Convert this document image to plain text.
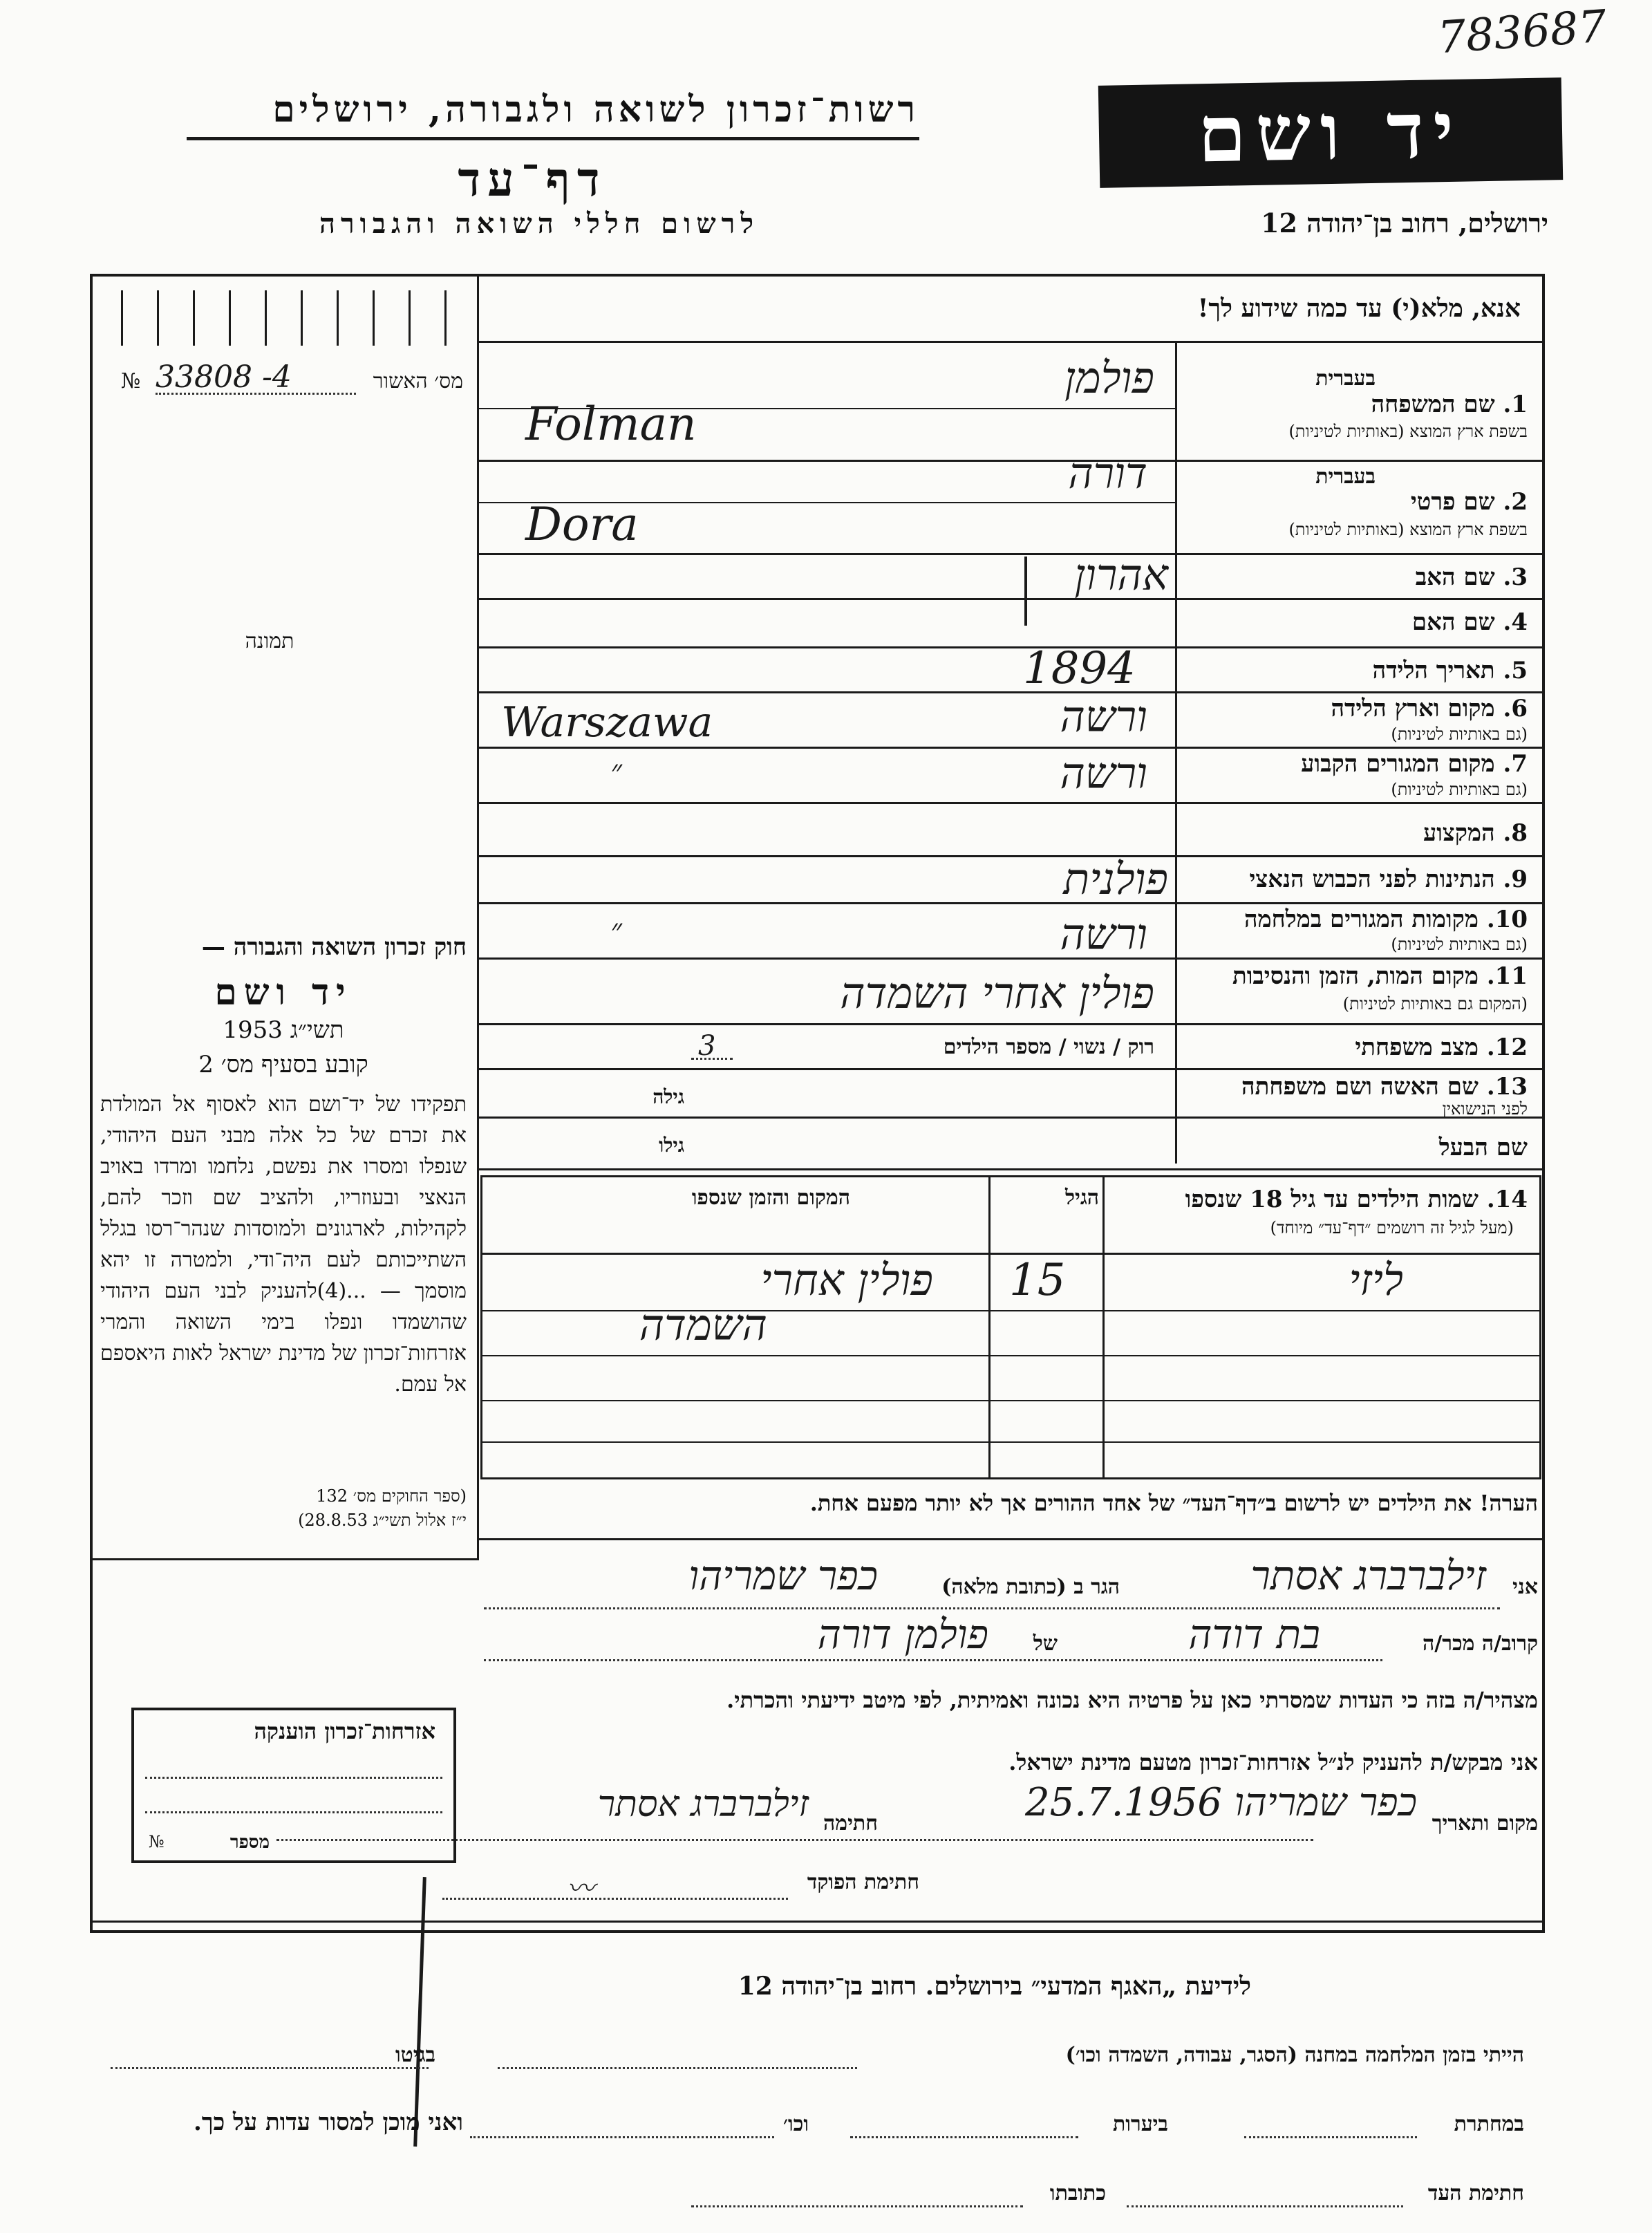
783687
רשות־זכרון לשואה ולגבורה, ירושלים
דף־עד
לרשום חללי השואה והגבורה
יד ושם
ירושלים, רחוב בן־יהודה 12
№ 33808 -4	מס׳ האשור
תמונה
חוק זכרון השואה והגבורה —
יד ושם
תשי״ג 1953
קובע בסעיף מס׳ 2
תפקידו של יד־ושם הוא לאסוף אל המולדת את זכרם של כל אלה מבני העם היהודי, שנפלו ומסרו את נפשם, נלחמו ומרדו באויב הנאצי ובעוזריו, ולהציב שם וזכר להם, לקהילות, לארגונים ולמוסדות שנהר־רסו בגלל השתייכותם לעם היה־ודי, ולמטרה זו יהא מוסמך — ...(4)להעניק לבני העם היהודי שהושמדו ונפלו בימי השואה והמרי אזרחות־זכרון של מדינת ישראל לאות היאספם אל עמם.
(ספר החוקים מס׳ 132
י״ז אלול תשי״ג 28.8.53)
אנא, מלא(י) עד כמה שידוע לך!
בעברית
1. שם המשפחה
בשפת ארץ המוצא (באותיות לטיניות)
פולמן
Folman
בעברית
2. שם פרטי
בשפת ארץ המוצא (באותיות לטיניות)
דורה
Dora
3. שם האב
אהרון
4. שם האם
5. תאריך הלידה
1894
6. מקום וארץ הלידה
(גם באותיות לטיניות)
ורשה
Warszawa
7. מקום המגורים הקבוע
(גם באותיות לטיניות)
ורשה
״
8. המקצוע
9. הנתינות לפני הכבוש הנאצי
פולנית
10. מקומות המגורים במלחמה
(גם באותיות לטיניות)
ורשה
״
11. מקום המות, הזמן והנסיבות
(המקום גם באותיות לטיניות)
פולין אחרי השמדה
12. מצב משפחתי
רוק / נשוי / מספר הילדים
3
13. שם האשה ושם משפחתה
לפני הנישואין
גילה
שם הבעל
גילו
14. שמות הילדים עד גיל 18 שנספו
(מעל לגיל זה רושמים ״דף־עד״ מיוחד)
הגיל
המקום והזמן שנספו
ליזי
15
פולין אחרי
השמדה
הערה! את הילדים יש לרשום ב״דף־העד״ של אחד ההורים אך לא יותר מפעם אחת.
אני
זילברברג אסתר
הגר ב (כתובת מלאה)
כפר שמריהו
קרוב/ה מכר/ה
בת דודה
של
פולמן דורה
מצהיר/ה בזה כי העדות שמסרתי כאן על פרטיה היא נכונה ואמיתית, לפי מיטב ידיעתי והכרתי.
אני מבקש/ת להעניק לנ״ל אזרחות־זכרון מטעם מדינת ישראל.
מקום ותאריך
כפר שמריהו 25.7.1956
חתימה
זילברברג אסתר
חתימת הפוקד
〰
אזרחות־זכרון הוענקה
№	מספר
לידיעת „האגף המדעי״ בירושלים. רחוב בן־יהודה 12
הייתי בזמן המלחמה במחנה (הסגר, עבודה, השמדה וכו׳)
בגיטו
במחתרת
ביערות
וכו׳
ואני מוכן למסור עדות על כך.
חתימת העד
כתובתו
